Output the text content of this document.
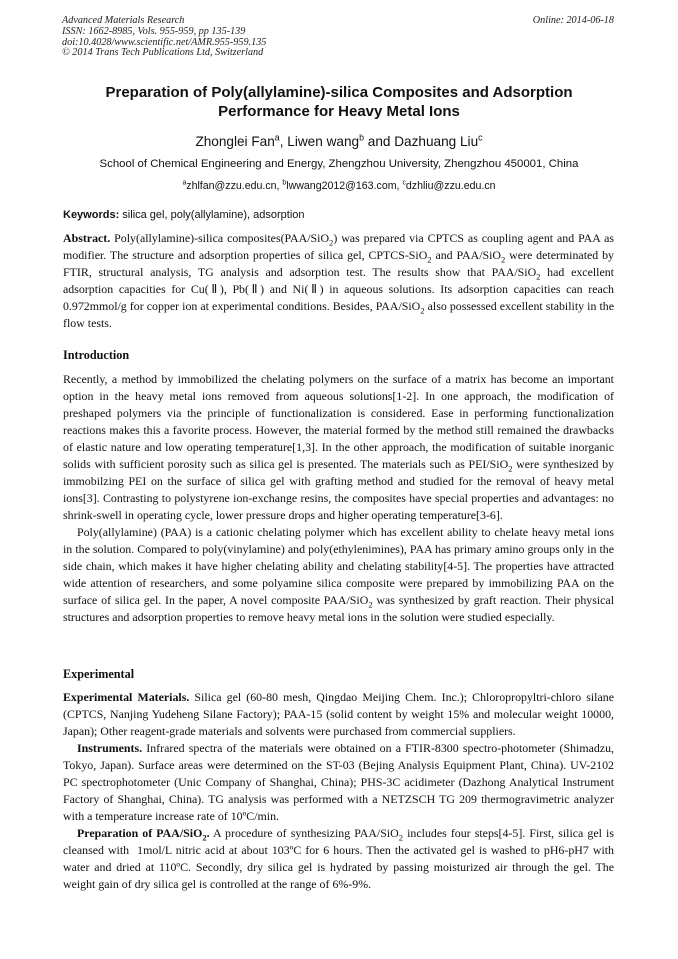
Advanced Materials Research
ISSN: 1662-8985, Vols. 955-959, pp 135-139
doi:10.4028/www.scientific.net/AMR.955-959.135
© 2014 Trans Tech Publications Ltd, Switzerland
Online: 2014-06-18
Preparation of Poly(allylamine)-silica Composites and Adsorption
Performance for Heavy Metal Ions
Zhonglei Fan$^a$, Liwen wang$^b$ and Dazhuang Liu$^c$
School of Chemical Engineering and Energy, Zhengzhou University, Zhengzhou 450001, China
$^a$zhlfan@zzu.edu.cn, $^b$lwwang2012@163.com, $^c$dzhliu@zzu.edu.cn
Keywords: silica gel, poly(allylamine), adsorption

Abstract. Poly(allylamine)-silica composites(PAA/SiO$_2$) was prepared via CPTCS as coupling agent and PAA as modifier. The structure and adsorption properties of silica gel, CPTCS-SiO$_2$ and PAA/SiO$_2$ were determinated by FTIR, structural analysis, TG analysis and adsorption test. The results show that PAA/SiO$_2$ had excellent adsorption capacities for Cu(Ⅱ), Pb(Ⅱ) and Ni(Ⅱ) in aqueous solutions. Its adsorption capacities can reach 0.972mmol/g for copper ion at experimental conditions. Besides, PAA/SiO$_2$ also possessed excellent stability in the flow tests.

Introduction

Recently, a method by immobilized the chelating polymers on the surface of a matrix has become an important option in the heavy metal ions removed from aqueous solutions[1-2]. In one approach, the modification of preshaped polymers via the principle of functionalization is considered. Ease in performing functionalization reactions makes this a favorite process. However, the material formed by the method still remained the drawbacks of elastic nature and low operating temperature[1,3]. In the other approach, the modification of suitable inorganic solids with sufficient porosity such as silica gel is presented. The materials such as PEI/SiO$_2$ were synthesized by immobilzing PEI on the surface of silica gel with grafting method and studied for the removal of heavy metal ions[3]. Contrasting to polystyrene ion-exchange resins, the composites have special properties and advantages: no shrink-swell in operating cycle, lower pressure drops and higher operating temperature[3-6].

Poly(allylamine) (PAA) is a cationic chelating polymer which has excellent ability to chelate heavy metal ions in the solution. Compared to poly(vinylamine) and poly(ethylenimines), PAA has primary amino groups only in the side chain, which makes it have higher chelating ability and chelating stability[4-5]. The properties have attracted wide attention of researchers, and some polyamine silica composite were prepared by immobilizing PAA on the surface of silica gel. In the paper, A novel composite PAA/SiO$_2$ was synthesized by graft reaction. Their physical structures and adsorption properties to remove heavy metal ions in the solution were studied especially.

Experimental

Experimental Materials. Silica gel (60-80 mesh, Qingdao Meijing Chem. Inc.); Chloropropyltri-chloro silane (CPTCS, Nanjing Yudeheng Silane Factory); PAA-15 (solid content by weight 15% and molecular weight 10000, Japan); Other reagent-grade materials and solvents were purchased from commercial suppliers.

Instruments. Infrared spectra of the materials were obtained on a FTIR-8300 spectro-photometer (Shimadzu, Tokyo, Japan). Surface areas were determined on the ST-03 (Bejing Analysis Equipment Plant, China). UV-2102 PC spectrophotometer (Unic Company of Shanghai, China); PHS-3C acidimeter (Dazhong Analytical Instrument Factory of Shanghai, China). TG analysis was performed with a NETZSCH TG 209 thermogravimetric analyzer with a temperature increase rate of 10ºC/min.

Preparation of PAA/SiO$_2$. A procedure of synthesizing PAA/SiO$_2$ includes four steps[4-5]. First, silica gel is cleansed with  1mol/L nitric acid at about 103ºC for 6 hours. Then the activated gel is washed to pH6-pH7 with water and dried at 110ºC. Secondly, dry silica gel is hydrated by passing moisturized air through the gel. The weight gain of dry silica gel is controlled at the range of 6%-9%.
